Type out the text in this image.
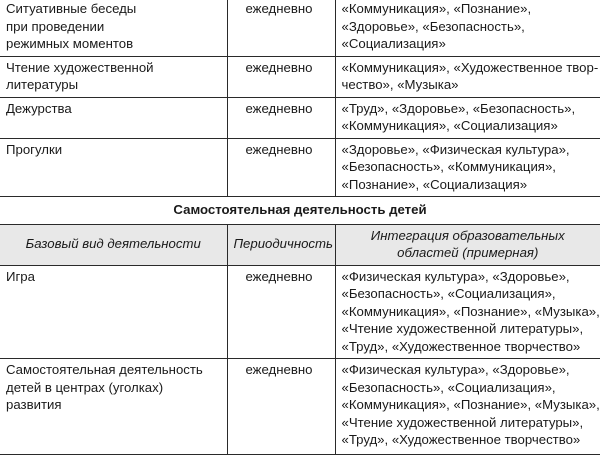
Ситуативные беседы
при проведении
режимных моментов	ежедневно	«Коммуникация», «Познание»,
«Здоровье», «Безопасность»,
«Социализация»

Чтение художественной
литературы	ежедневно	«Коммуникация», «Художественное твор-
чество», «Музыка»

Дежурства	ежедневно	«Труд», «Здоровье», «Безопасность»,
«Коммуникация», «Социализация»

Прогулки	ежедневно	«Здоровье», «Физическая культура»,
«Безопасность», «Коммуникация»,
«Познание», «Социализация»

Самостоятельная деятельность детей		
Базовый вид деятельности	Периодичность	Интеграция образовательных
областей (примерная)

Игра	ежедневно	«Физическая культура», «Здоровье»,
«Безопасность», «Социализация»,
«Коммуникация», «Познание», «Музыка»,
«Чтение художественной литературы»,
«Труд», «Художественное творчество»

Самостоятельная деятельность
детей в центрах (уголках)
развития	ежедневно	«Физическая культура», «Здоровье»,
«Безопасность», «Социализация»,
«Коммуникация», «Познание», «Музыка»,
«Чтение художественной литературы»,
«Труд», «Художественное творчество»
